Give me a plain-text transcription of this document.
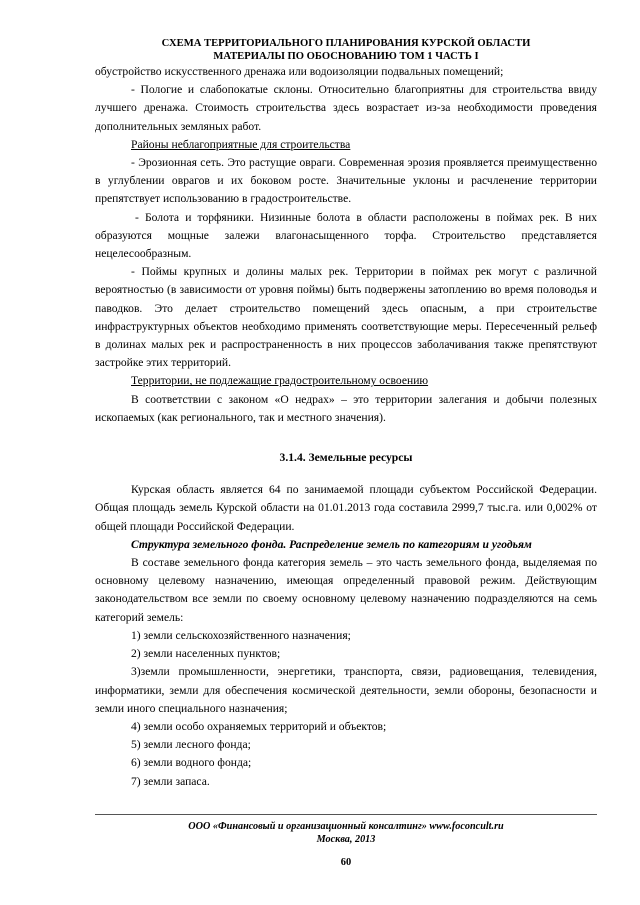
СХЕМА ТЕРРИТОРИАЛЬНОГО ПЛАНИРОВАНИЯ КУРСКОЙ ОБЛАСТИ
МАТЕРИАЛЫ ПО ОБОСНОВАНИЮ ТОМ 1 ЧАСТЬ I

обустройство искусственного дренажа или водоизоляции подвальных помещений;

- Пологие и слабопокатые склоны. Относительно благоприятны для строительства ввиду лучшего дренажа. Стоимость строительства здесь возрастает из-за необходимости проведения дополнительных земляных работ.

Районы неблагоприятные для строительства

- Эрозионная сеть. Это растущие овраги. Современная эрозия проявляется преимущественно в углублении оврагов и их боковом росте. Значительные уклоны и расчленение территории препятствует использованию в градостроительстве.

- Болота и торфяники. Низинные болота в области расположены в поймах рек. В них образуются мощные залежи влагонасыщенного торфа. Строительство представляется нецелесообразным.

- Поймы крупных и долины малых рек. Территории в поймах рек могут с различной вероятностью (в зависимости от уровня поймы) быть подвержены затоплению во время половодья и паводков. Это делает строительство помещений здесь опасным, а при строительстве инфраструктурных объектов необходимо применять соответствующие меры. Пересеченный рельеф в долинах малых рек и распространенность в них процессов заболачивания также препятствуют застройке этих территорий.

Территории, не подлежащие градостроительному освоению

В соответствии с законом «О недрах» – это территории залегания и добычи полезных ископаемых (как регионального, так и местного значения).

3.1.4. Земельные ресурсы

Курская область является 64 по занимаемой площади субъектом Российской Федерации. Общая площадь земель Курской области на 01.01.2013 года составила 2999,7 тыс.га. или 0,002% от общей площади Российской Федерации.

Структура земельного фонда. Распределение земель по категориям и угодьям

В составе земельного фонда категория земель – это часть земельного фонда, выделяемая по основному целевому назначению, имеющая определенный правовой режим. Действующим законодательством все земли по своему основному целевому назначению подразделяются на семь категорий земель:

1) земли сельскохозяйственного назначения;

2) земли населенных пунктов;

3)земли промышленности, энергетики, транспорта, связи, радиовещания, телевидения, информатики, земли для обеспечения космической деятельности, земли обороны, безопасности и земли иного специального назначения;

4) земли особо охраняемых территорий и объектов;

5) земли лесного фонда;

6) земли водного фонда;

7) земли запаса.

ООО «Финансовый и организационный консалтинг» www.foconcult.ru
Москва, 2013
60
